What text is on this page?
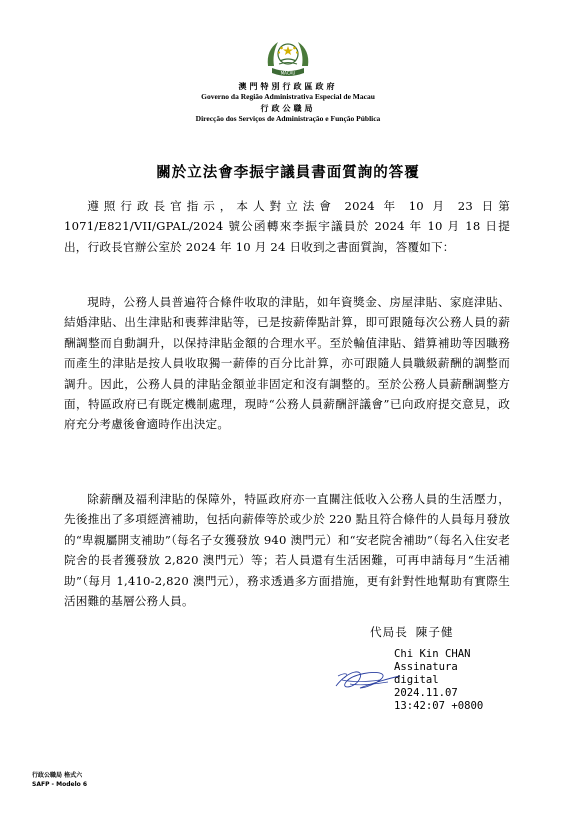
MACAU
澳門特別行政區政府
Governo da Região Administrativa Especial de Macau
行政公職局
Direcção dos Serviços de Administração e Função Pública
關於立法會李振宇議員書面質詢的答覆

遵照行政長官指示，本人對立法會 2024 年 10 月 23 日第1071/E821/VII/GPAL/2024 號公函轉來李振宇議員於 2024 年 10 月 18 日提出，行政長官辦公室於 2024 年 10 月 24 日收到之書面質詢，答覆如下：

現時，公務人員普遍符合條件收取的津貼，如年資獎金、房屋津貼、家庭津貼、結婚津貼、出生津貼和喪葬津貼等，已是按薪俸點計算，即可跟隨每次公務人員的薪酬調整而自動調升，以保持津貼金額的合理水平。至於輪值津貼、錯算補助等因職務而產生的津貼是按人員收取獨一薪俸的百分比計算，亦可跟隨人員職級薪酬的調整而調升。因此，公務人員的津貼金額並非固定和沒有調整的。至於公務人員薪酬調整方面，特區政府已有既定機制處理，現時“公務人員薪酬評議會”已向政府提交意見，政府充分考慮後會適時作出決定。

除薪酬及福利津貼的保障外，特區政府亦一直關注低收入公務人員的生活壓力，先後推出了多項經濟補助，包括向薪俸等於或少於 220 點且符合條件的人員每月發放的“卑親屬開支補助”（每名子女獲發放 940 澳門元）和“安老院舍補助”（每名入住安老院舍的長者獲發放 2,820 澳門元）等；若人員還有生活困難，可再申請每月“生活補助”（每月 1,410-2,820 澳門元），務求透過多方面措施，更有針對性地幫助有實際生活困難的基層公務人員。

代局長 陳子健
Chi Kin CHAN
Assinatura
digital
2024.11.07
13:42:07 +0800
行政公職局 格式六
SAFP - Modelo 6
